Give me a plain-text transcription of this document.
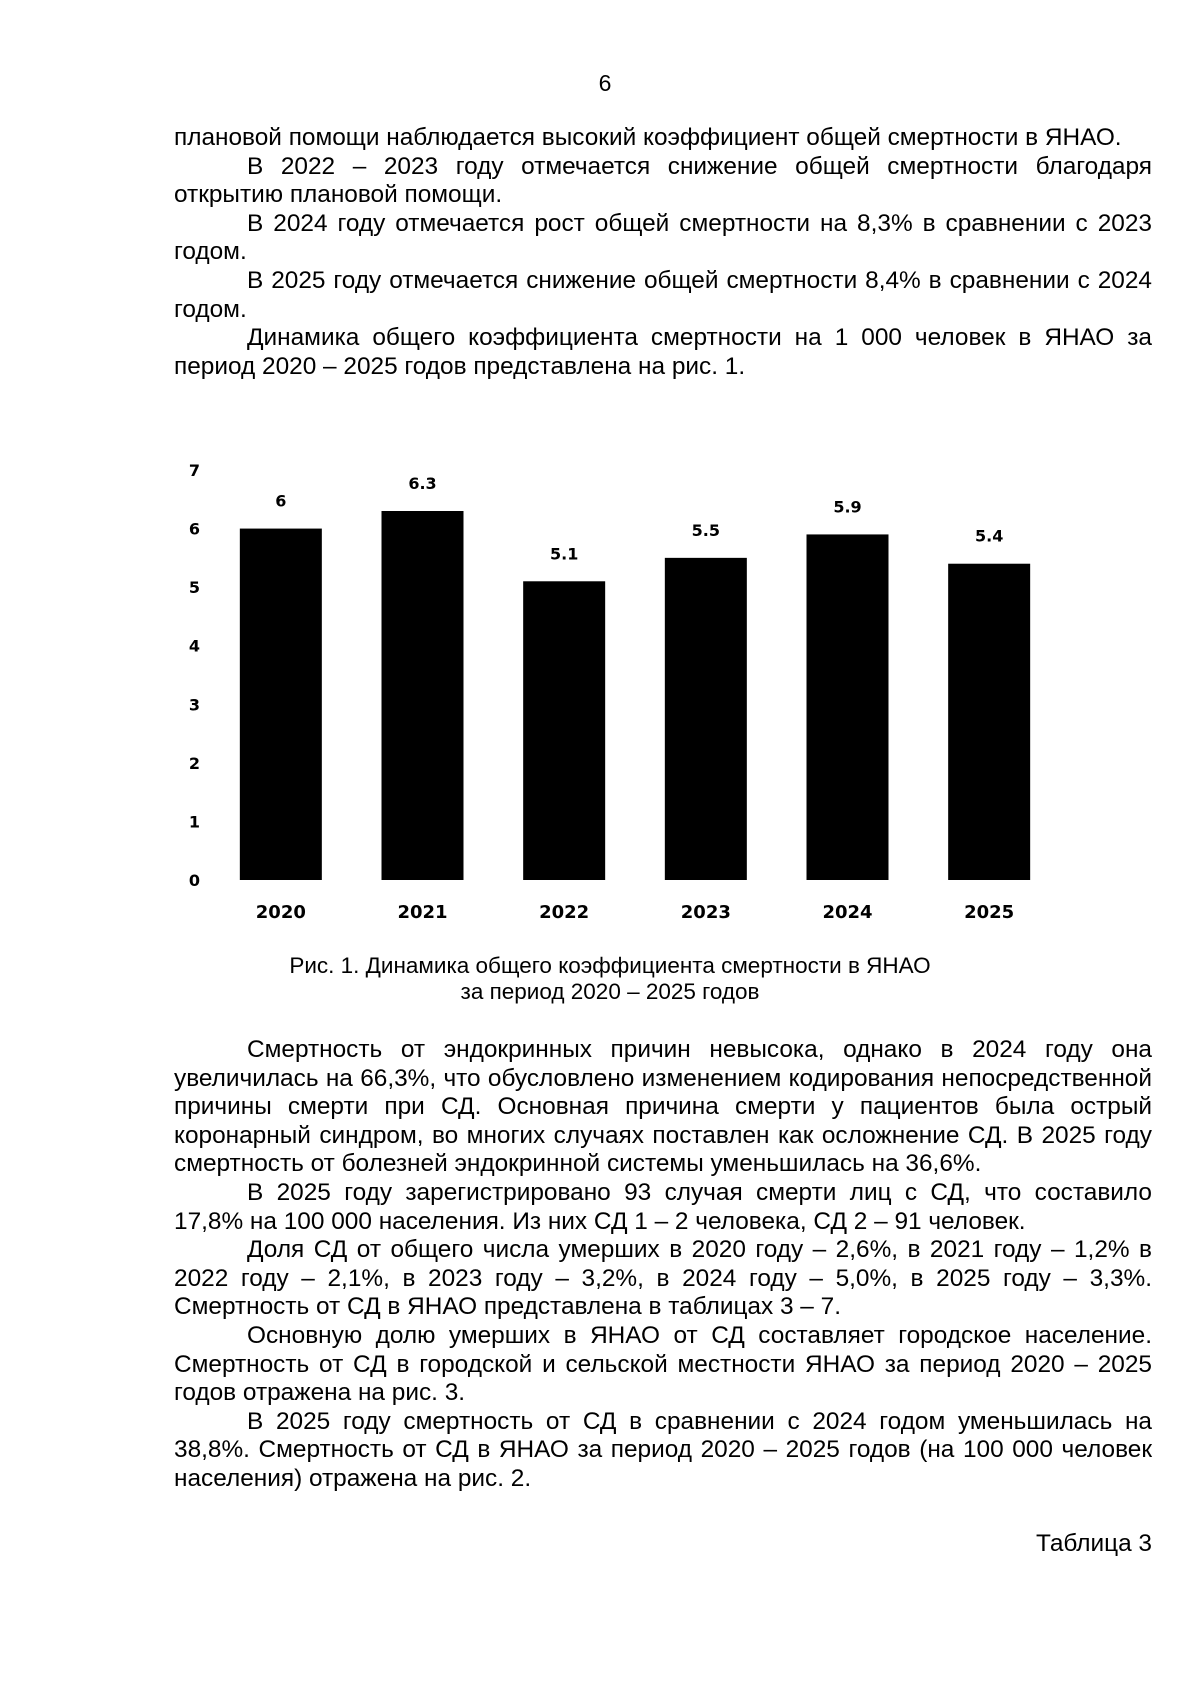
6

плановой помощи наблюдается высокий коэффициент общей смертности в ЯНАО.

В 2022 – 2023 году отмечается снижение общей смертности благодаря открытию плановой помощи.

В 2024 году отмечается рост общей смертности на 8,3% в сравнении с 2023 годом.

В 2025 году отмечается снижение общей смертности 8,4% в сравнении с 2024 годом.

Динамика общего коэффициента смертности на 1 000 человек в ЯНАО за период 2020 – 2025 годов представлена на рис. 1.

0
1
2
3
4
5
6
7
6
2020
6.3
2021
5.1
2022
5.5
2023
5.9
2024
5.4
2025
Рис. 1. Динамика общего коэффициента смертности в ЯНАО
за период 2020 – 2025 годов

Смертность от эндокринных причин невысока, однако в 2024 году она увеличилась на 66,3%, что обусловлено изменением кодирования непосредственной причины смерти при СД. Основная причина смерти у пациентов была острый коронарный синдром, во многих случаях поставлен как осложнение СД. В 2025 году смертность от болезней эндокринной системы уменьшилась на 36,6%.

В 2025 году зарегистрировано 93 случая смерти лиц с СД, что составило 17,8% на 100 000 населения. Из них СД 1 – 2 человека, СД 2 – 91 человек.

Доля СД от общего числа умерших в 2020 году – 2,6%, в 2021 году – 1,2% в 2022 году – 2,1%, в 2023 году – 3,2%, в 2024 году – 5,0%, в 2025 году – 3,3%. Смертность от СД в ЯНАО представлена в таблицах 3 – 7.

Основную долю умерших в ЯНАО от СД составляет городское население. Смертность от СД в городской и сельской местности ЯНАО за период 2020 – 2025 годов отражена на рис. 3.

В 2025 году смертность от СД в сравнении с 2024 годом уменьшилась на 38,8%. Смертность от СД в ЯНАО за период 2020 – 2025 годов (на 100 000 человек населения) отражена на рис. 2.

Таблица 3
